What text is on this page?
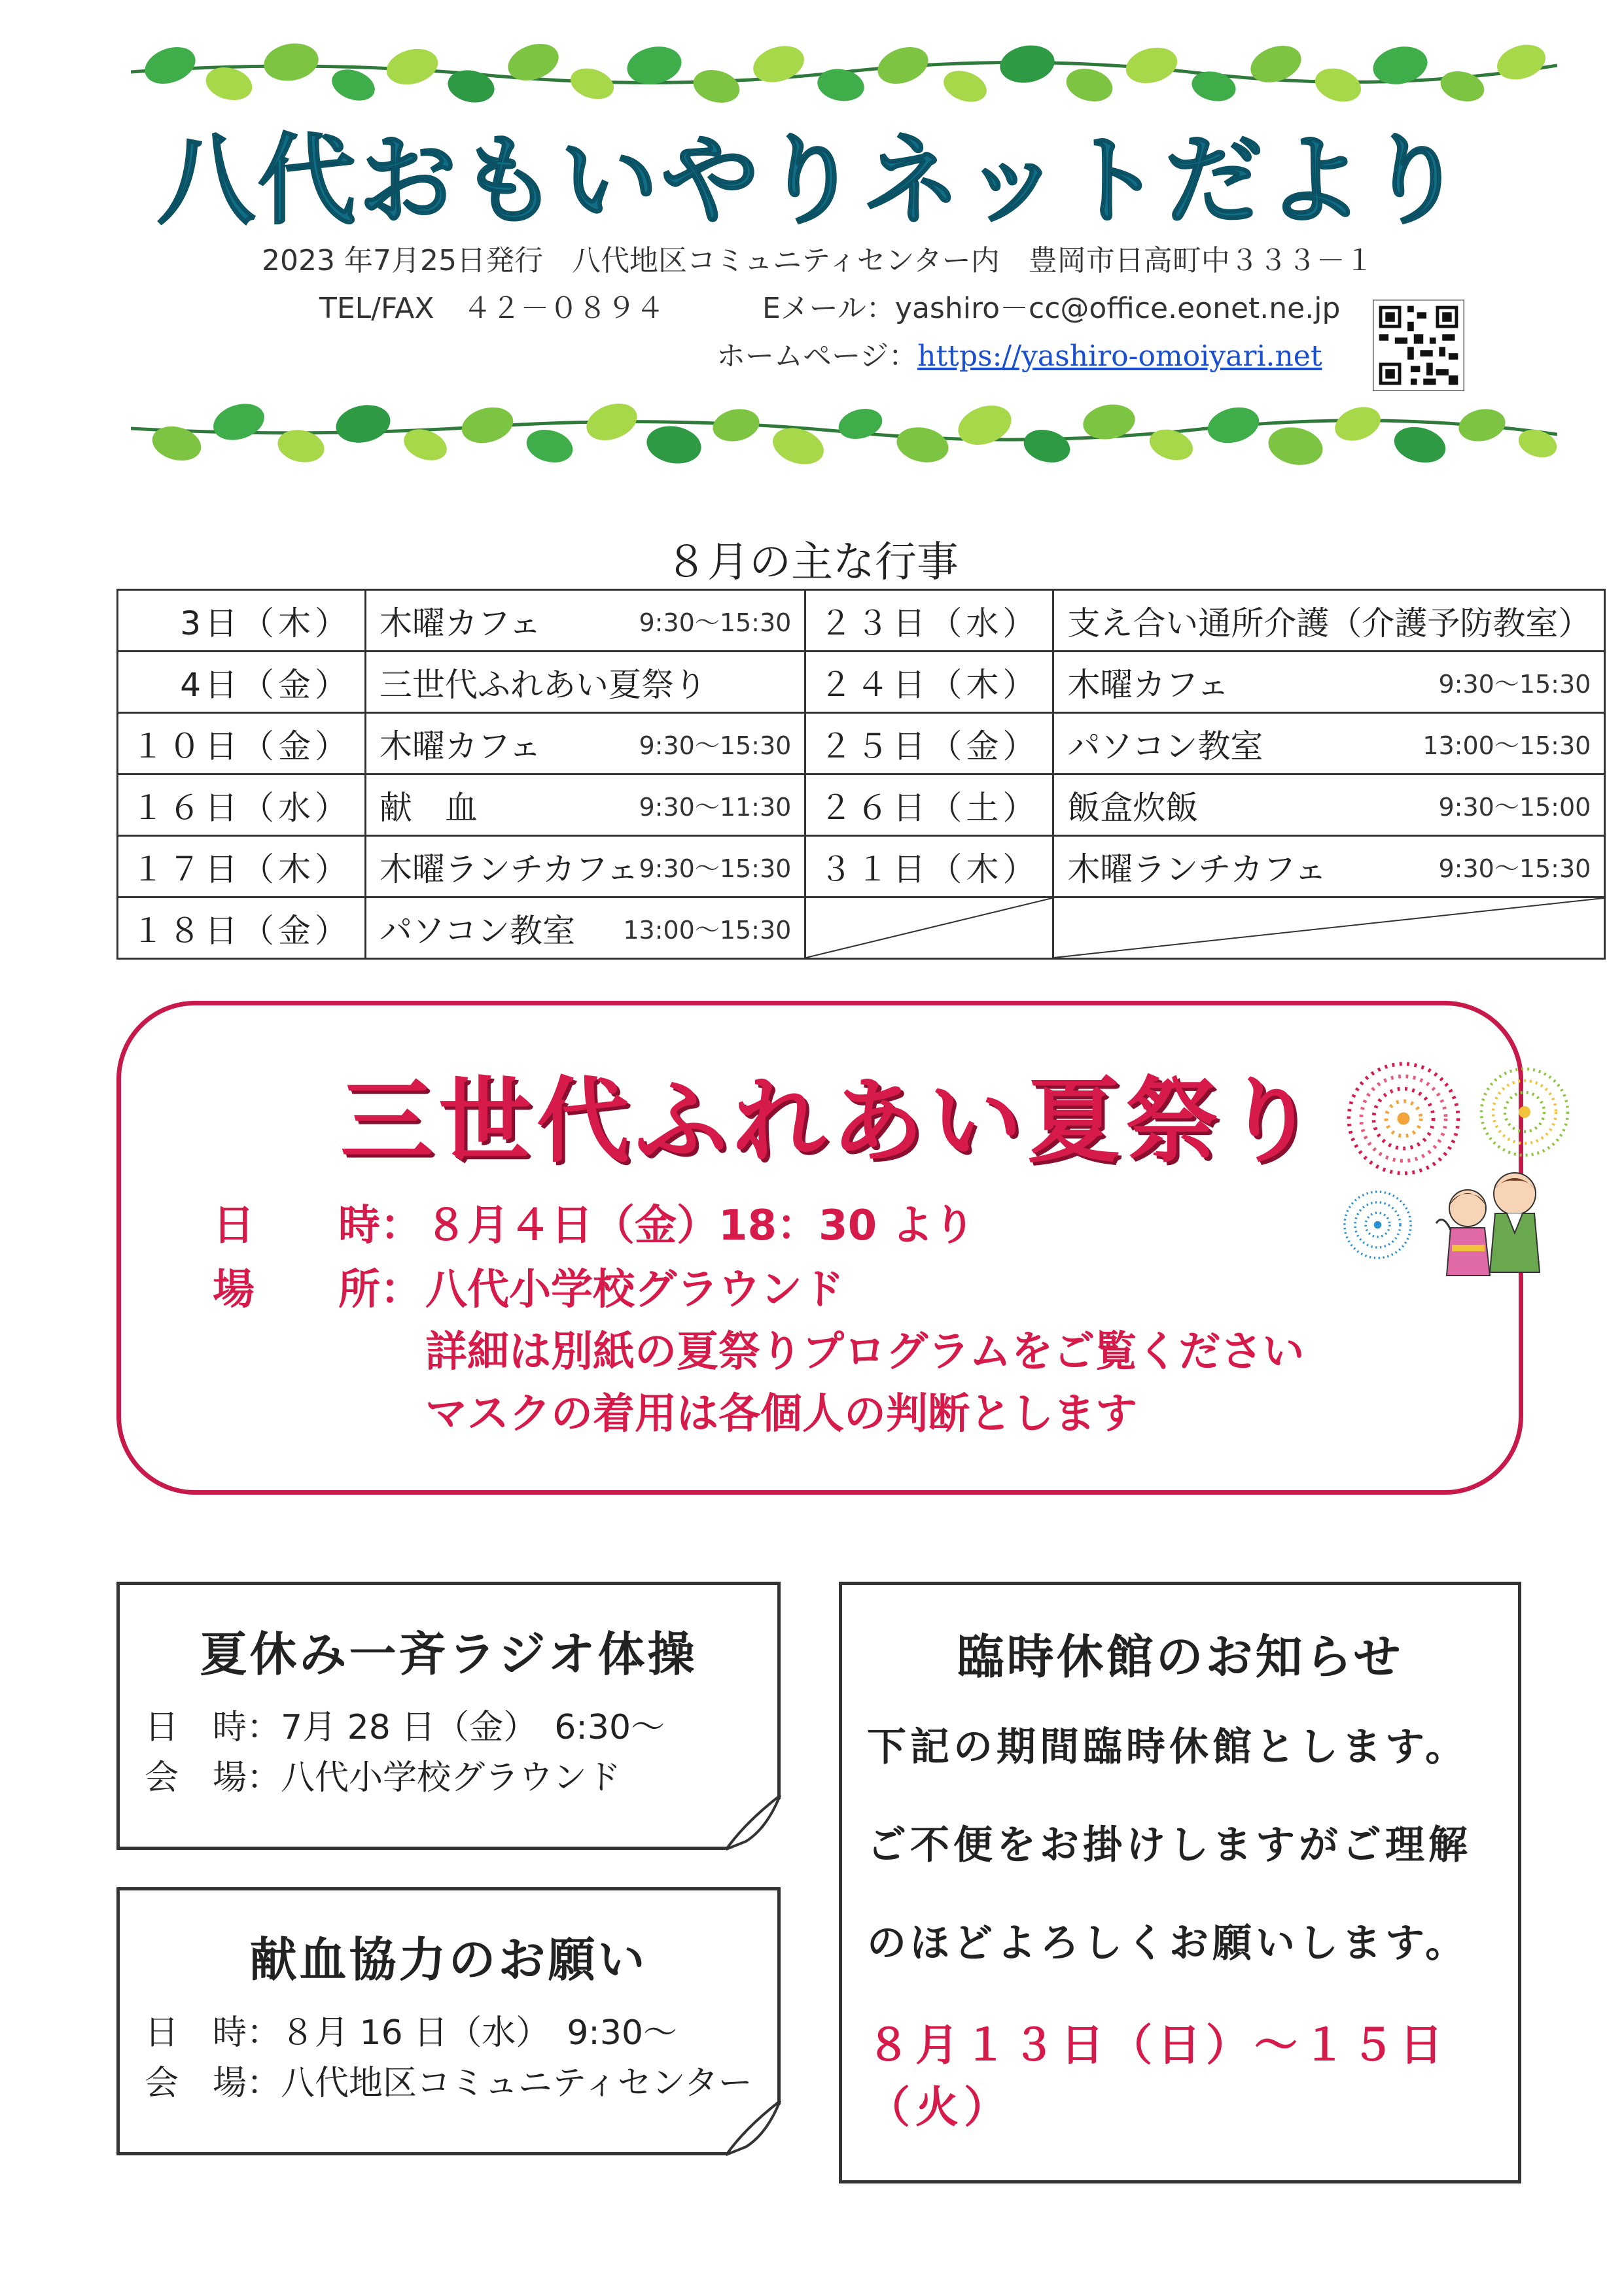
八代おもいやりネットだより
2023 年7月25日発行　八代地区コミュニティセンター内　豊岡市日高町中３３３－１
TEL/FAX　４２－０８９４	Eメール：yashiro－cc@office.eonet.ne.jp
ホームページ：https://yashiro-omoiyari.net
８月の主な行事
3日（木）	木曜カフェ 9:30～15:30	２３日（水）	支え合い通所介護（介護予防教室）

4日（金）	三世代ふれあい夏祭り	２４日（木）	木曜カフェ 9:30～15:30

１０日（金）	木曜カフェ 9:30～15:30	２５日（金）	パソコン教室 13:00～15:30

１６日（水）	献　血 9:30～11:30	２６日（土）	飯盒炊飯 9:30～15:00

１７日（木）	木曜ランチカフェ 9:30～15:30	３１日（木）	木曜ランチカフェ 9:30～15:30

１８日（金）	パソコン教室 13:00～15:30

三世代ふれあい夏祭り
日　　時： ８月４日（金）18：30 より
場　　所： 八代小学校グラウンド
詳細は別紙の夏祭りプログラムをご覧ください
マスクの着用は各個人の判断とします
夏休み一斉ラジオ体操
日　時：7月 28 日（金）　6:30～
会　場：八代小学校グラウンド
献血協力のお願い
日　時：８月 16 日（水）　9:30～
会　場：八代地区コミュニティセンター
臨時休館のお知らせ
下記の期間臨時休館とします。
ご不便をお掛けしますがご理解
のほどよろしくお願いします。
８月１３日（日）～１５日（火）
